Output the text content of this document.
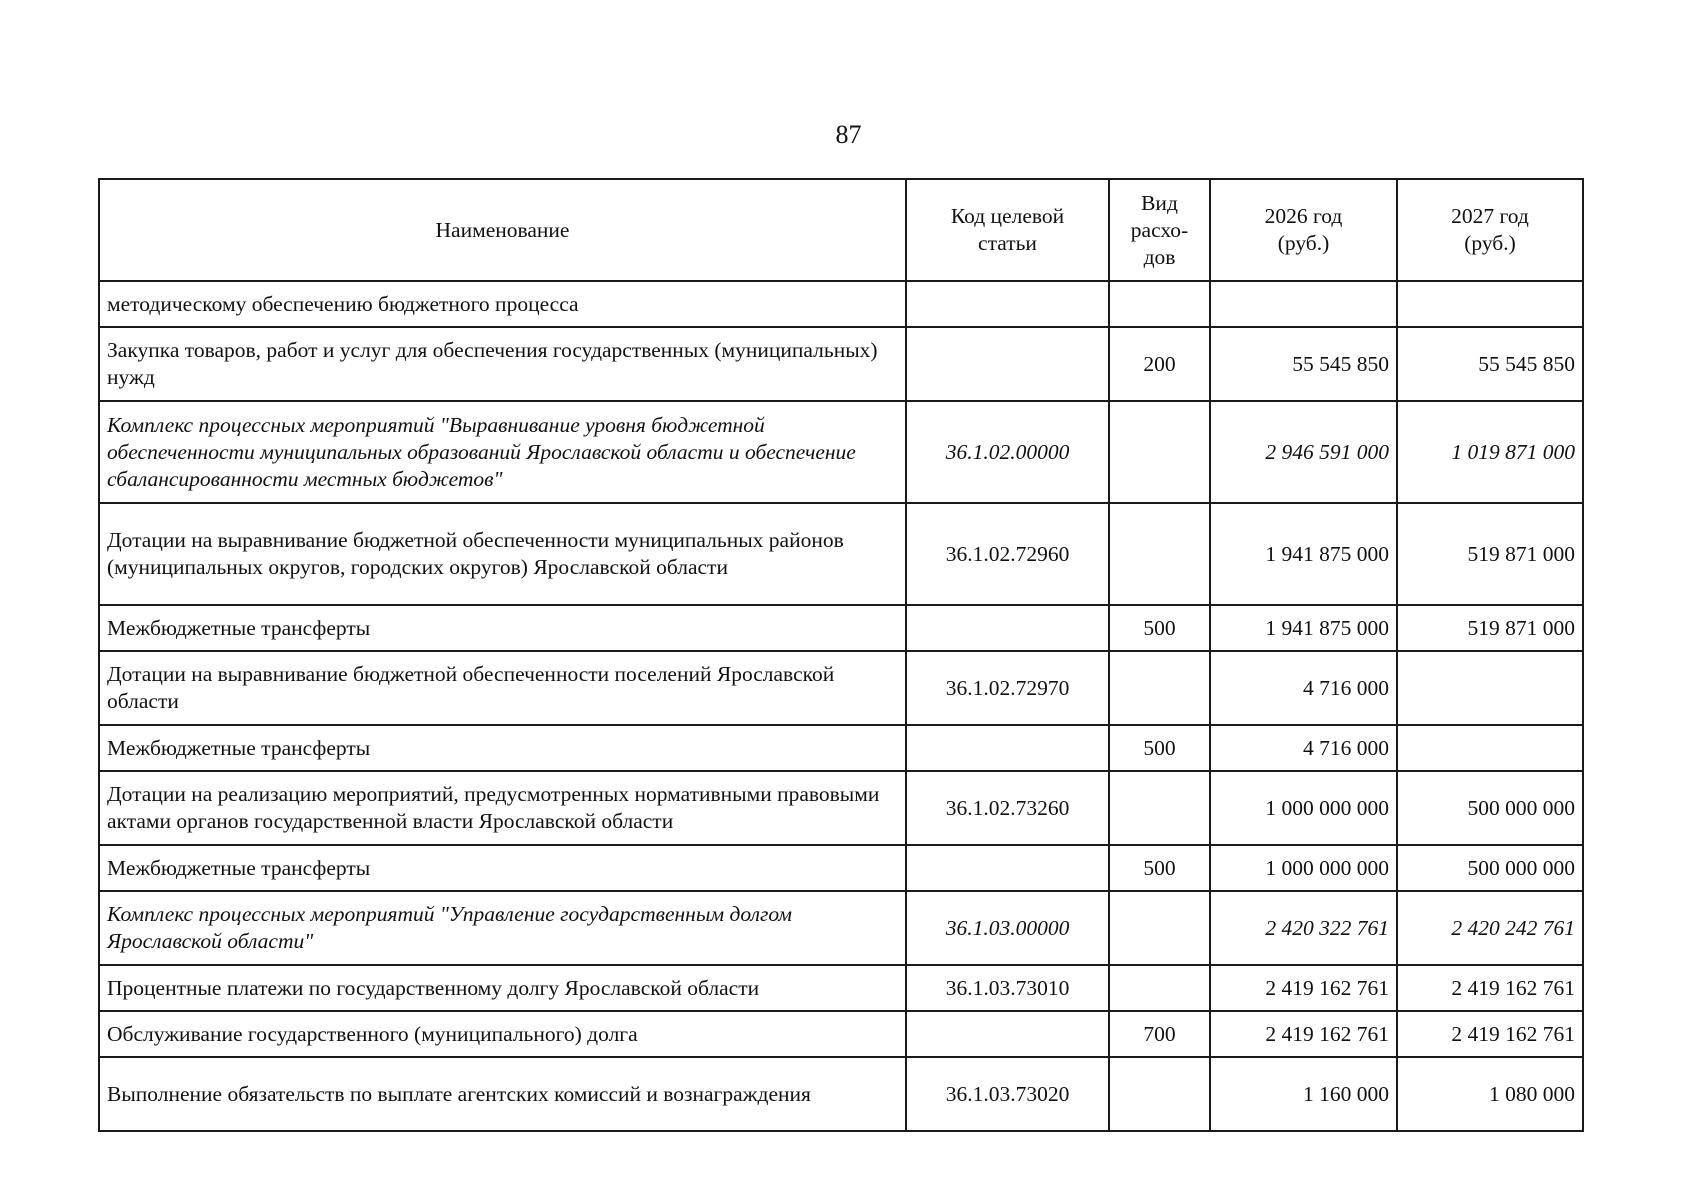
87
Наименование	Код целевой статьи	Вид расхо-дов	2026 год (руб.)	2027 год (руб.)
методическому обеспечению бюджетного процесса				
Закупка товаров, работ и услуг для обеспечения государственных (муниципальных) нужд		200	55 545 850	55 545 850
Комплекс процессных мероприятий "Выравнивание уровня бюджетной обеспеченности муниципальных образований Ярославской области и обеспечение сбалансированности местных бюджетов"	36.1.02.00000		2 946 591 000	1 019 871 000
Дотации на выравнивание бюджетной обеспеченности муниципальных районов (муниципальных округов, городских округов) Ярославской области	36.1.02.72960		1 941 875 000	519 871 000
Межбюджетные трансферты		500	1 941 875 000	519 871 000
Дотации на выравнивание бюджетной обеспеченности поселений Ярославской области	36.1.02.72970		4 716 000	
Межбюджетные трансферты		500	4 716 000	
Дотации на реализацию мероприятий, предусмотренных нормативными правовыми актами органов государственной власти Ярославской области	36.1.02.73260		1 000 000 000	500 000 000
Межбюджетные трансферты		500	1 000 000 000	500 000 000
Комплекс процессных мероприятий "Управление государственным долгом Ярославской области"	36.1.03.00000		2 420 322 761	2 420 242 761
Процентные платежи по государственному долгу Ярославской области	36.1.03.73010		2 419 162 761	2 419 162 761
Обслуживание государственного (муниципального) долга		700	2 419 162 761	2 419 162 761
Выполнение обязательств по выплате агентских комиссий и вознаграждения	36.1.03.73020		1 160 000	1 080 000
